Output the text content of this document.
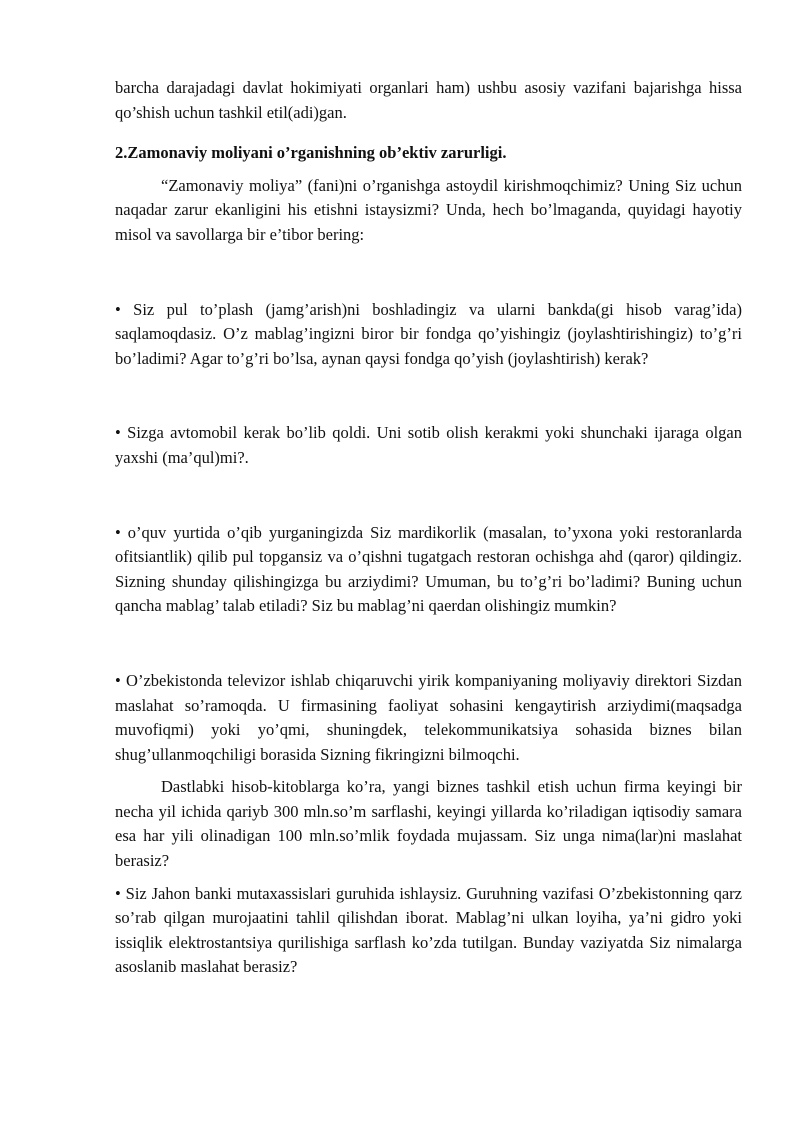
barcha darajadagi davlat hokimiyati organlari ham) ushbu asosiy vazifani bajarishga hissa qo’shish uchun tashkil etil(adi)gan.

2.Zamonaviy moliyani o’rganishning ob’ektiv zarurligi.

“Zamonaviy moliya” (fani)ni o’rganishga astoydil kirishmoqchimiz? Uning Siz uchun naqadar zarur ekanligini his etishni istaysizmi? Unda, hech bo’lmaganda, quyidagi hayotiy misol va savollarga bir e’tibor bering:

• Siz pul to’plash (jamg’arish)ni boshladingiz va ularni bankda(gi hisob varag’ida) saqlamoqdasiz. O’z mablag’ingizni biror bir fondga qo’yishingiz (joylashtirishingiz) to’g’ri bo’ladimi? Agar to’g’ri bo’lsa, aynan qaysi fondga qo’yish (joylashtirish) kerak?

• Sizga avtomobil kerak bo’lib qoldi. Uni sotib olish kerakmi yoki shunchaki ijaraga olgan yaxshi (ma’qul)mi?.

• o’quv yurtida o’qib yurganingizda Siz mardikorlik (masalan, to’yxona yoki restoranlarda ofitsiantlik) qilib pul topgansiz va o’qishni tugatgach restoran ochishga ahd (qaror) qildingiz. Sizning shunday qilishingizga bu arziydimi? Umuman, bu to’g’ri bo’ladimi? Buning uchun qancha mablag’ talab etiladi? Siz bu mablag’ni qaerdan olishingiz mumkin?

• O’zbekistonda televizor ishlab chiqaruvchi yirik kompaniyaning moliyaviy direktori Sizdan maslahat so’ramoqda. U firmasining faoliyat sohasini kengaytirish arziydimi(maqsadga muvofiqmi) yoki yo’qmi, shuningdek, telekommunikatsiya sohasida biznes bilan shug’ullanmoqchiligi borasida Sizning fikringizni bilmoqchi.

Dastlabki hisob-kitoblarga ko’ra, yangi biznes tashkil etish uchun firma keyingi bir necha yil ichida qariyb 300 mln.so’m sarflashi, keyingi yillarda ko’riladigan iqtisodiy samara esa har yili olinadigan 100 mln.so’mlik foydada mujassam. Siz unga nima(lar)ni maslahat berasiz?

• Siz Jahon banki mutaxassislari guruhida ishlaysiz. Guruhning vazifasi O’zbekistonning qarz so’rab qilgan murojaatini tahlil qilishdan iborat. Mablag’ni ulkan loyiha, ya’ni gidro yoki issiqlik elektrostantsiya qurilishiga sarflash ko’zda tutilgan. Bunday vaziyatda Siz nimalarga asoslanib maslahat berasiz?
